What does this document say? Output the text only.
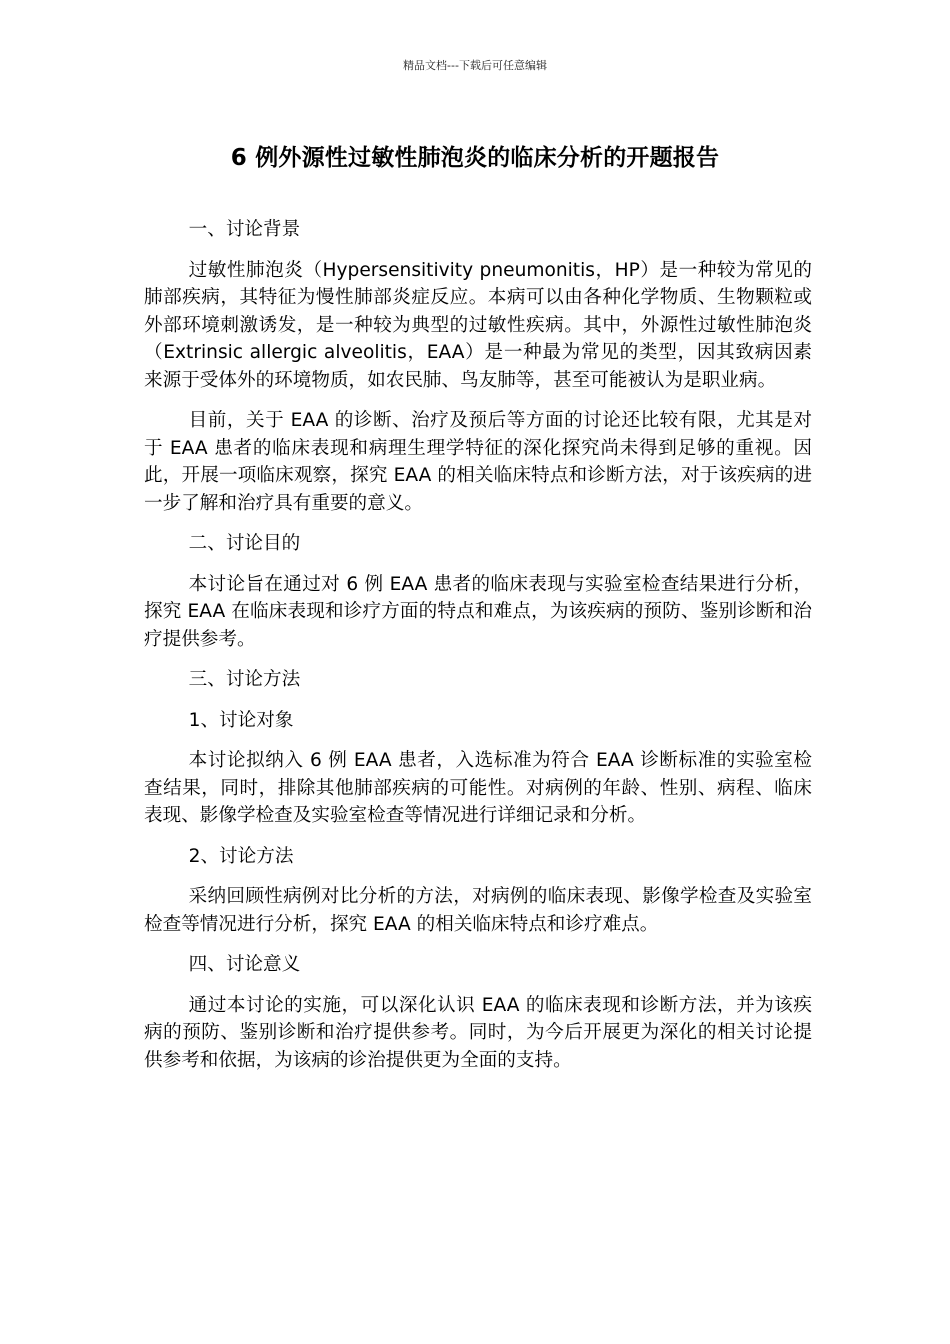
精品文档---下载后可任意编辑
6 例外源性过敏性肺泡炎的临床分析的开题报告

一、讨论背景

过敏性肺泡炎（Hypersensitivity pneumonitis，HP）是一种较为常见的肺部疾病，其特征为慢性肺部炎症反应。本病可以由各种化学物质、生物颗粒或外部环境刺激诱发，是一种较为典型的过敏性疾病。其中，外源性过敏性肺泡炎（Extrinsic allergic alveolitis，EAA）是一种最为常见的类型，因其致病因素来源于受体外的环境物质，如农民肺、鸟友肺等，甚至可能被认为是职业病。

目前，关于 EAA 的诊断、治疗及预后等方面的讨论还比较有限，尤其是对于 EAA 患者的临床表现和病理生理学特征的深化探究尚未得到足够的重视。因此，开展一项临床观察，探究 EAA 的相关临床特点和诊断方法，对于该疾病的进一步了解和治疗具有重要的意义。

二、讨论目的

本讨论旨在通过对 6 例 EAA 患者的临床表现与实验室检查结果进行分析，探究 EAA 在临床表现和诊疗方面的特点和难点，为该疾病的预防、鉴别诊断和治疗提供参考。

三、讨论方法

1、讨论对象

本讨论拟纳入 6 例 EAA 患者，入选标准为符合 EAA 诊断标准的实验室检查结果，同时，排除其他肺部疾病的可能性。对病例的年龄、性别、病程、临床表现、影像学检查及实验室检查等情况进行详细记录和分析。

2、讨论方法

采纳回顾性病例对比分析的方法，对病例的临床表现、影像学检查及实验室检查等情况进行分析，探究 EAA 的相关临床特点和诊疗难点。

四、讨论意义

通过本讨论的实施，可以深化认识 EAA 的临床表现和诊断方法，并为该疾病的预防、鉴别诊断和治疗提供参考。同时，为今后开展更为深化的相关讨论提供参考和依据，为该病的诊治提供更为全面的支持。
